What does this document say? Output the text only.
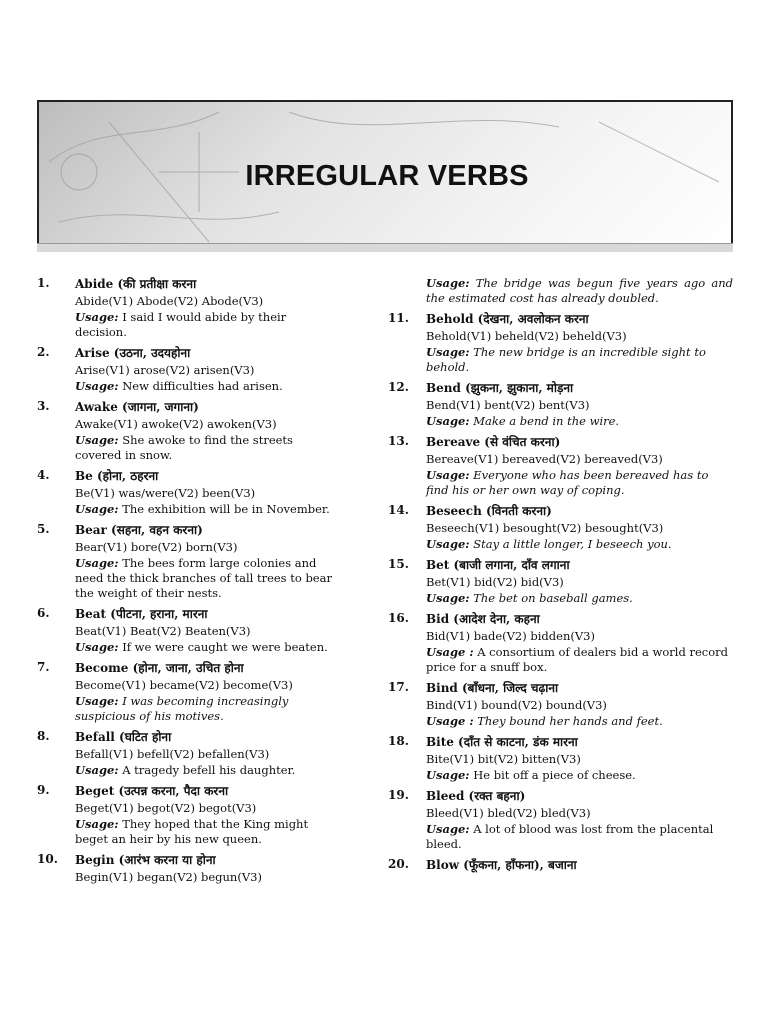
IRREGULAR VERBS
1. Abide (की प्रतीक्षा करना
Abide(V1) Abode(V2) Abode(V3)
Usage: I said I would abide by their decision.
2. Arise (उठना, उदयहोना
Arise(V1) arose(V2) arisen(V3)
Usage: New difficulties had arisen.
3. Awake (जागना, जगाना)
Awake(V1) awoke(V2) awoken(V3)
Usage: She awoke to find the streets covered in snow.
4. Be (होना, ठहरना
Be(V1) was/were(V2) been(V3)
Usage: The exhibition will be in November.
5. Bear (सहना, वहन करना)
Bear(V1) bore(V2) born(V3)
Usage: The bees form large colonies and need the thick branches of tall trees to bear the weight of their nests.
6. Beat (पीटना, हराना, मारना
Beat(V1) Beat(V2) Beaten(V3)
Usage: If we were caught we were beaten.
7. Become (होना, जाना, उचित होना
Become(V1) became(V2) become(V3)
Usage: I was becoming increasingly suspicious of his motives.
8. Befall (घटित होना
Befall(V1) befell(V2) befallen(V3)
Usage: A tragedy befell his daughter.
9. Beget (उत्पन्न करना, पैदा करना
Beget(V1) begot(V2) begot(V3)
Usage: They hoped that the King might beget an heir by his new queen.
10. Begin (आरंभ करना या होना
Begin(V1) began(V2) begun(V3)
Usage: The bridge was begun five years ago and the estimated cost has already doubled.
11. Behold (देखना, अवलोकन करना
Behold(V1) beheld(V2) beheld(V3)
Usage: The new bridge is an incredible sight to behold.
12. Bend (झुकना, झुकाना, मोड़ना
Bend(V1) bent(V2) bent(V3)
Usage: Make a bend in the wire.
13. Bereave (से वंचित करना)
Bereave(V1) bereaved(V2) bereaved(V3)
Usage: Everyone who has been bereaved has to find his or her own way of coping.
14. Beseech (विनती करना)
Beseech(V1) besought(V2) besought(V3)
Usage: Stay a little longer, I beseech you.
15. Bet (बाजी लगाना, दाँव लगाना
Bet(V1) bid(V2) bid(V3)
Usage: The bet on baseball games.
16. Bid (आदेश देना, कहना
Bid(V1) bade(V2) bidden(V3)
Usage : A consortium of dealers bid a world record price for a snuff box.
17. Bind (बाँधना, जिल्द चढ़ाना
Bind(V1) bound(V2) bound(V3)
Usage : They bound her hands and feet.
18. Bite (दाँत से काटना, डंक मारना
Bite(V1) bit(V2) bitten(V3)
Usage: He bit off a piece of cheese.
19. Bleed (रक्त बहना)
Bleed(V1) bled(V2) bled(V3)
Usage: A lot of blood was lost from the placental bleed.
20. Blow (फूँकना, हाँफना), बजाना
